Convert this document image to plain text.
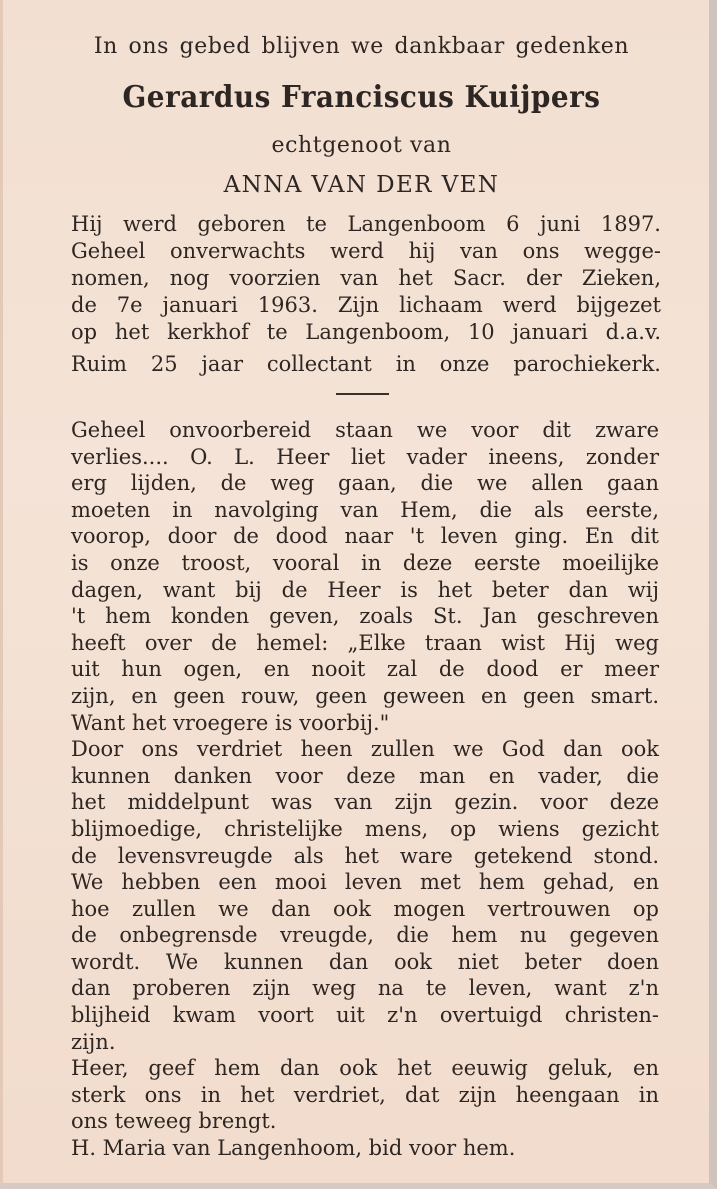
In ons gebed blijven we dankbaar gedenken
Gerardus Franciscus Kuijpers
echtgenoot van
ANNA VAN DER VEN
Hij werd geboren te Langenboom 6 juni 1897.
Geheel onverwachts werd hij van ons wegge-
nomen, nog voorzien van het Sacr. der Zieken,
de 7e januari 1963. Zijn lichaam werd bijgezet
op het kerkhof te Langenboom, 10 januari d.a.v.
Ruim 25 jaar collectant in onze parochiekerk.
Geheel onvoorbereid staan we voor dit zware
verlies.... O. L. Heer liet vader ineens, zonder
erg lijden, de weg gaan, die we allen gaan
moeten in navolging van Hem, die als eerste,
voorop, door de dood naar 't leven ging. En dit
is onze troost, vooral in deze eerste moeilijke
dagen, want bij de Heer is het beter dan wij
't hem konden geven, zoals St. Jan geschreven
heeft over de hemel: „Elke traan wist Hij weg
uit hun ogen, en nooit zal de dood er meer
zijn, en geen rouw, geen geween en geen smart.
Want het vroegere is voorbij."
Door ons verdriet heen zullen we God dan ook
kunnen danken voor deze man en vader, die
het middelpunt was van zijn gezin. voor deze
blijmoedige, christelijke mens, op wiens gezicht
de levensvreugde als het ware getekend stond.
We hebben een mooi leven met hem gehad, en
hoe zullen we dan ook mogen vertrouwen op
de onbegrensde vreugde, die hem nu gegeven
wordt. We kunnen dan ook niet beter doen
dan proberen zijn weg na te leven, want z'n
blijheid kwam voort uit z'n overtuigd christen-
zijn.
Heer, geef hem dan ook het eeuwig geluk, en
sterk ons in het verdriet, dat zijn heengaan in
ons teweeg brengt.
H. Maria van Langenhoom, bid voor hem.
